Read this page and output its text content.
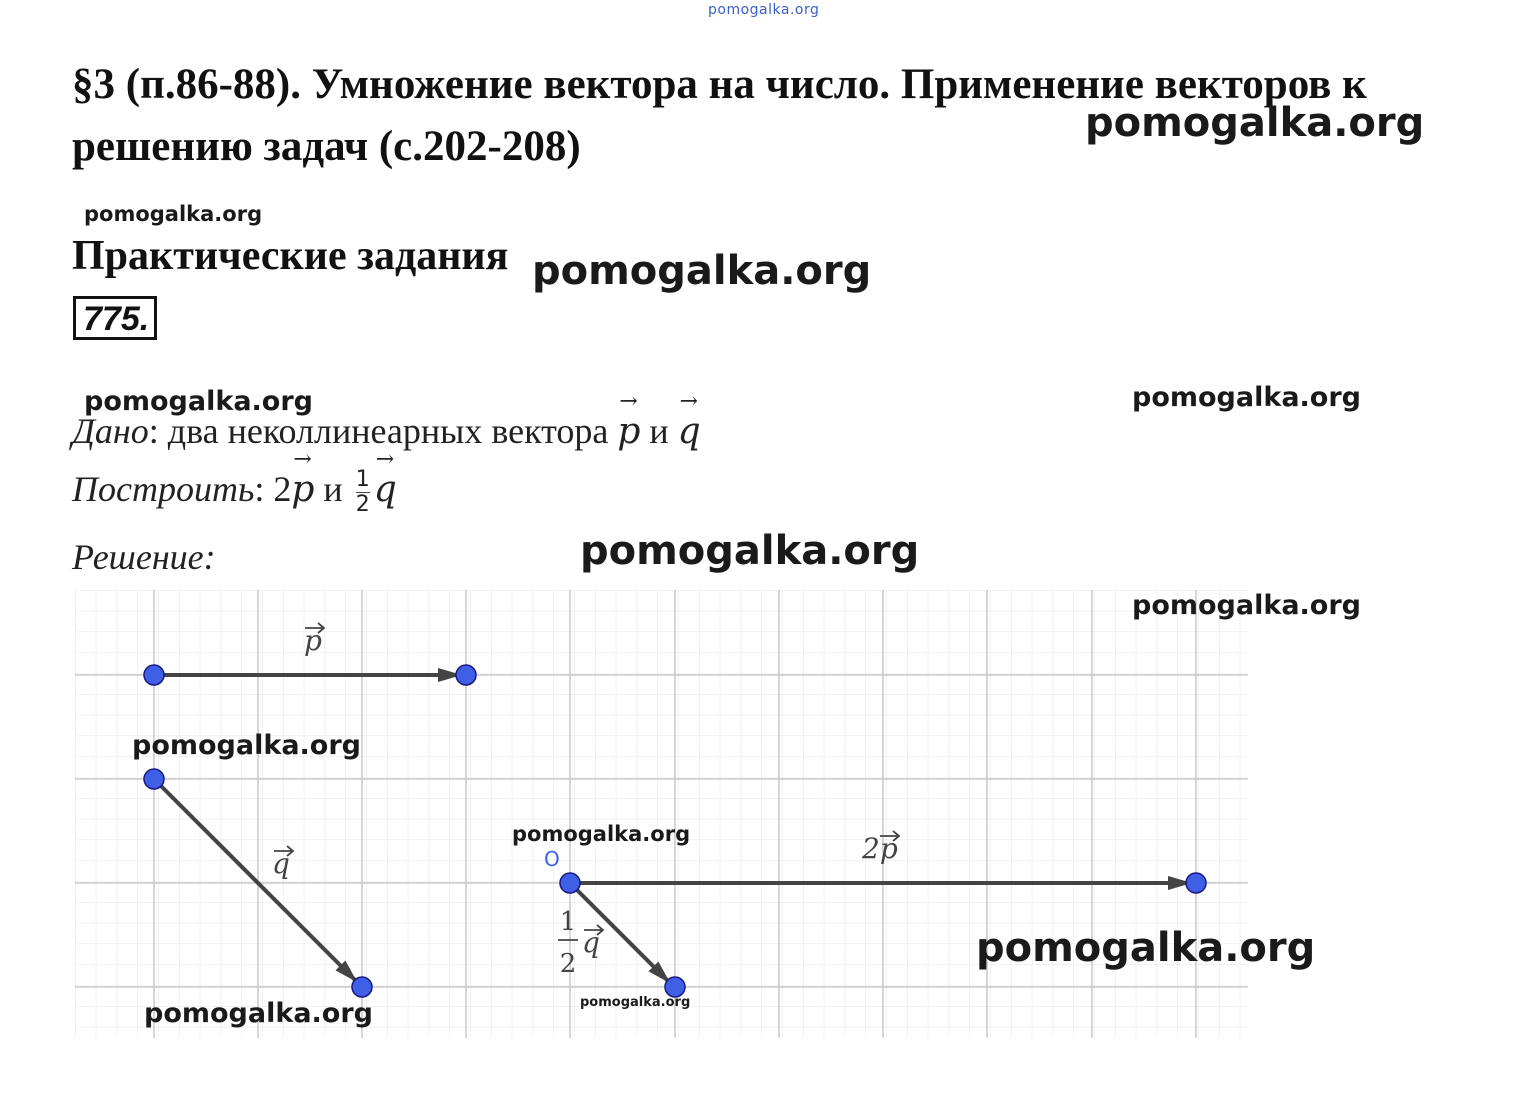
pomogalka.org
§3 (п.86-88). Умножение вектора на число. Применение векторов к решению задач (с.202-208)	pomogalka.org
pomogalka.org
Практические задания pomogalka.org
775.
pomogalka.org	pomogalka.org
Дано: два неколлинеарных вектора → p и → q
Построить: 2→ p и $\frac{1}{2}$
→ q
Решение:	pomogalka.org
p
q	2p
q
1
2
O
pomogalka.org
pomogalka.org
pomogalka.org
pomogalka.org
pomogalka.org	pomogalka.org
